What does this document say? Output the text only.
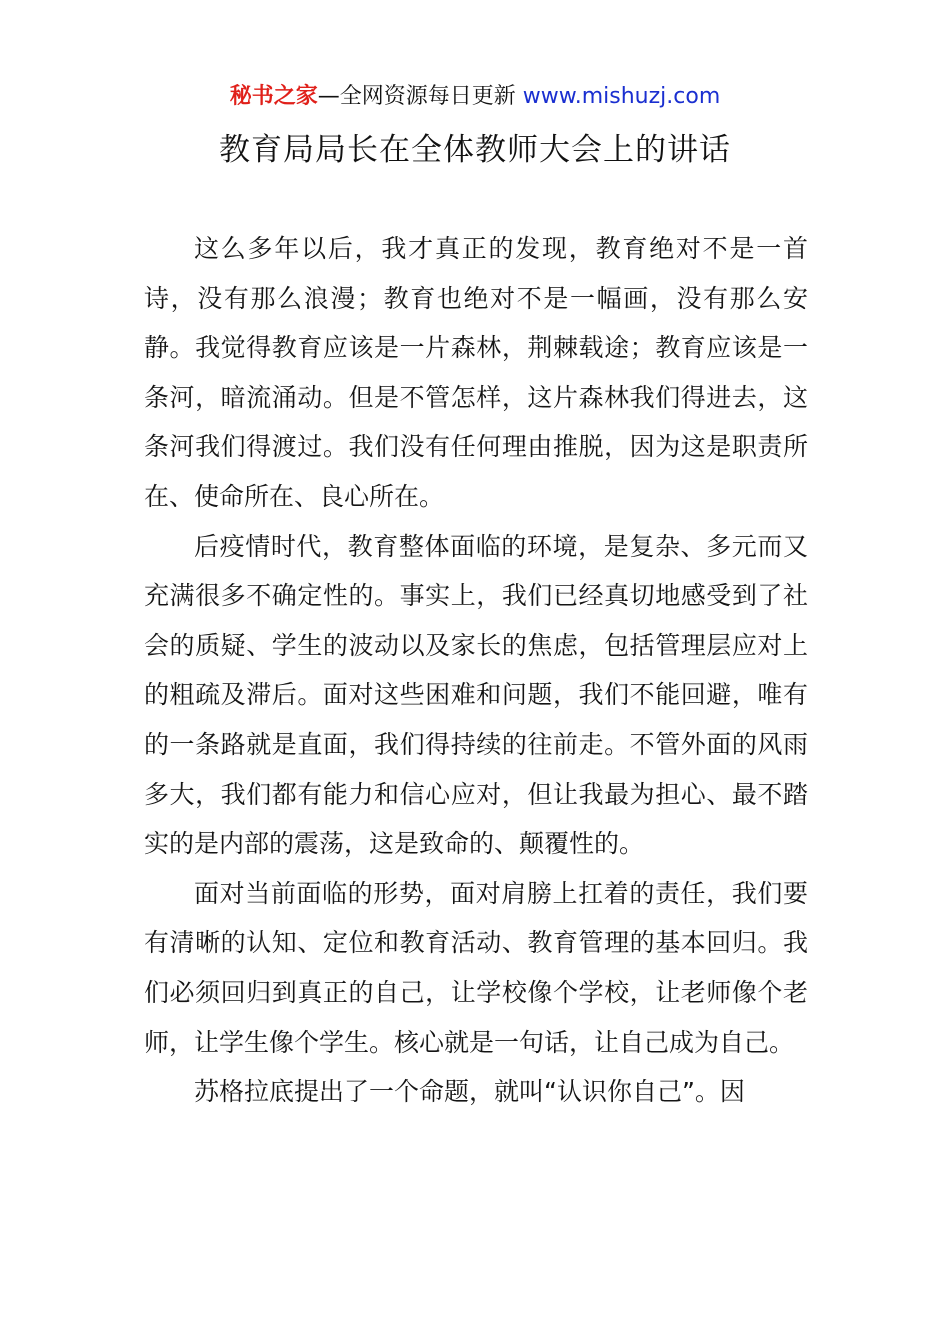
秘书之家—全网资源每日更新 www.mishuzj.com
教育局局长在全体教师大会上的讲话

这么多年以后，我才真正的发现，教育绝对不是一首诗，没有那么浪漫；教育也绝对不是一幅画，没有那么安静。我觉得教育应该是一片森林，荆棘载途；教育应该是一条河，暗流涌动。但是不管怎样，这片森林我们得进去，这条河我们得渡过。我们没有任何理由推脱，因为这是职责所在、使命所在、良心所在。

后疫情时代，教育整体面临的环境，是复杂、多元而又充满很多不确定性的。事实上，我们已经真切地感受到了社会的质疑、学生的波动以及家长的焦虑，包括管理层应对上的粗疏及滞后。面对这些困难和问题，我们不能回避，唯有的一条路就是直面，我们得持续的往前走。不管外面的风雨多大，我们都有能力和信心应对，但让我最为担心、最不踏实的是内部的震荡，这是致命的、颠覆性的。

面对当前面临的形势，面对肩膀上扛着的责任，我们要有清晰的认知、定位和教育活动、教育管理的基本回归。我们必须回归到真正的自己，让学校像个学校，让老师像个老师，让学生像个学生。核心就是一句话，让自己成为自己。

苏格拉底提出了一个命题，就叫“认识你自己”。因
